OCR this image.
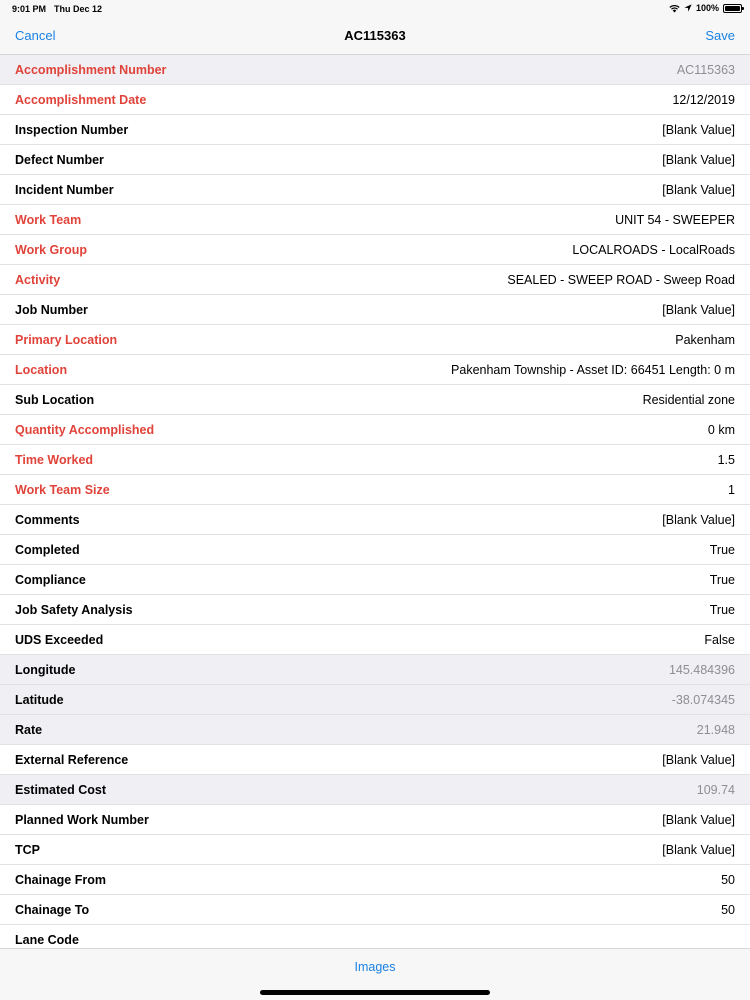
9:01 PM Thu Dec 12	100%
Cancel	AC115363	Save
Accomplishment Number	AC115363
Accomplishment Date	12/12/2019
Inspection Number	[Blank Value]
Defect Number	[Blank Value]
Incident Number	[Blank Value]
Work Team	UNIT 54 - SWEEPER
Work Group	LOCALROADS - LocalRoads
Activity	SEALED - SWEEP ROAD - Sweep Road
Job Number	[Blank Value]
Primary Location	Pakenham
Location	Pakenham Township - Asset ID: 66451 Length: 0 m
Sub Location	Residential zone
Quantity Accomplished	0 km
Time Worked	1.5
Work Team Size	1
Comments	[Blank Value]
Completed	True
Compliance	True
Job Safety Analysis	True
UDS Exceeded	False
Longitude	145.484396
Latitude	-38.074345
Rate	21.948
External Reference	[Blank Value]
Estimated Cost	109.74
Planned Work Number	[Blank Value]
TCP	[Blank Value]
Chainage From	50
Chainage To	50
Lane Code
Images
